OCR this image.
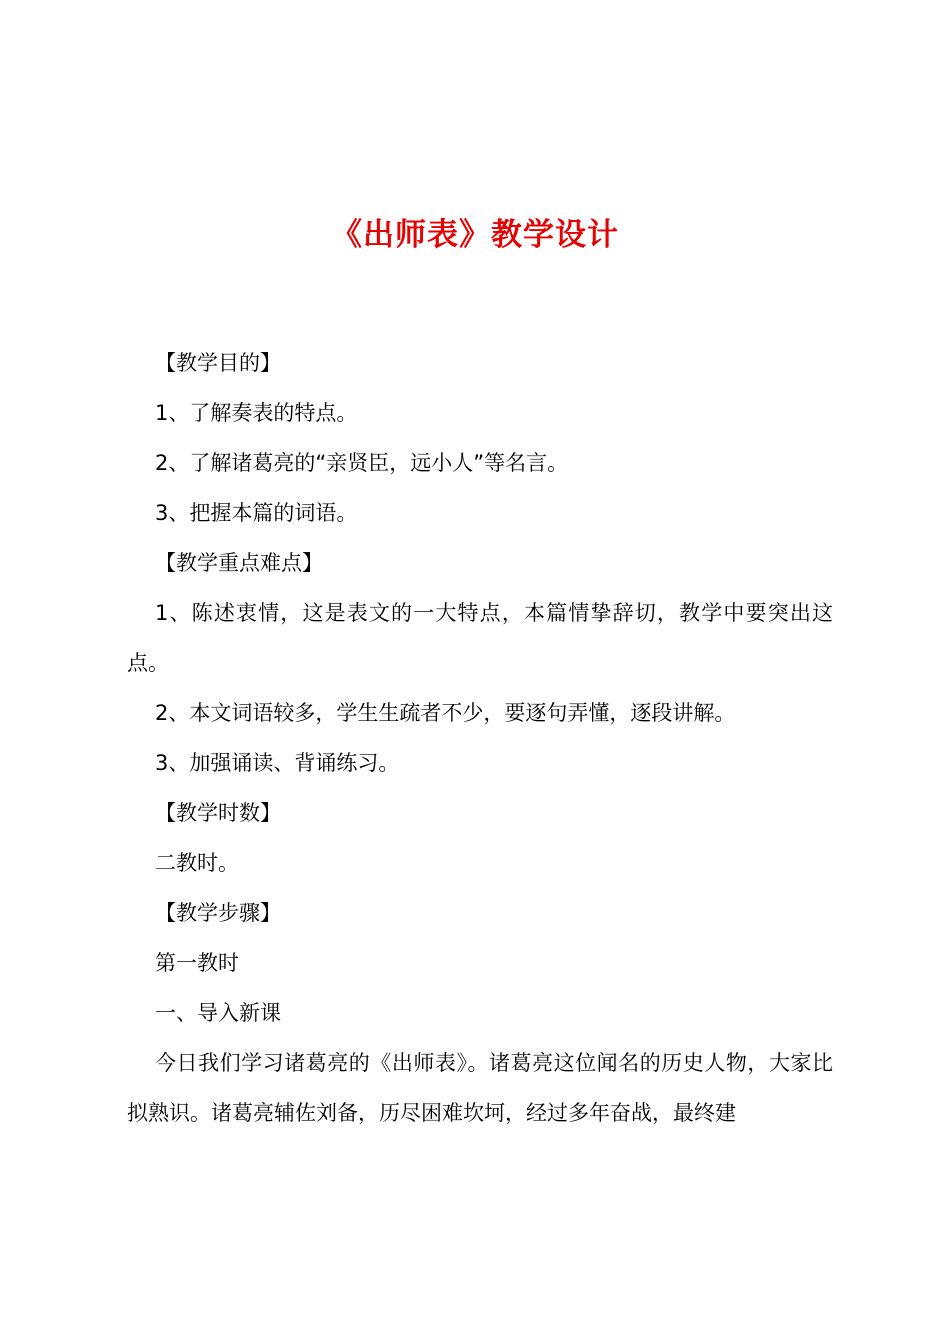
《出师表》教学设计

【教学目的】

1、了解奏表的特点。

2、了解诸葛亮的“亲贤臣，远小人”等名言。

3、把握本篇的词语。

【教学重点难点】

1、陈述衷情，这是表文的一大特点，本篇情挚辞切，教学中要突出这点。

2、本文词语较多，学生生疏者不少，要逐句弄懂，逐段讲解。

3、加强诵读、背诵练习。

【教学时数】

二教时。

【教学步骤】

第一教时

一、导入新课

今日我们学习诸葛亮的《出师表》。诸葛亮这位闻名的历史人物，大家比拟熟识。诸葛亮辅佐刘备，历尽困难坎坷，经过多年奋战，最终建
